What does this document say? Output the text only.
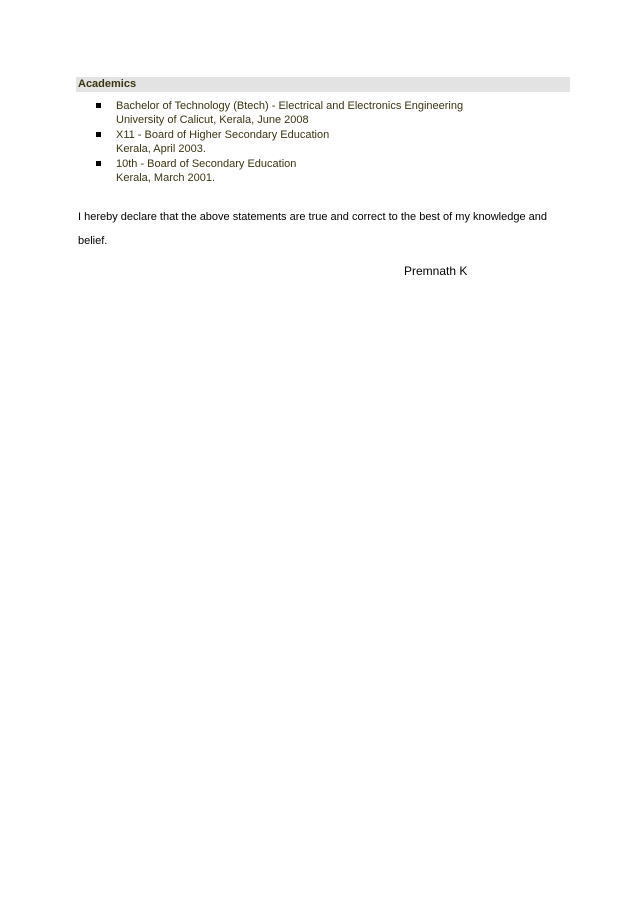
Academics
Bachelor of Technology (Btech) - Electrical and Electronics Engineering
University of Calicut, Kerala, June 2008
X11 - Board of Higher Secondary Education
Kerala, April 2003.
10th - Board of Secondary Education
Kerala, March 2001.

I hereby declare that the above statements are true and correct to the best of my knowledge and belief.

Premnath K
